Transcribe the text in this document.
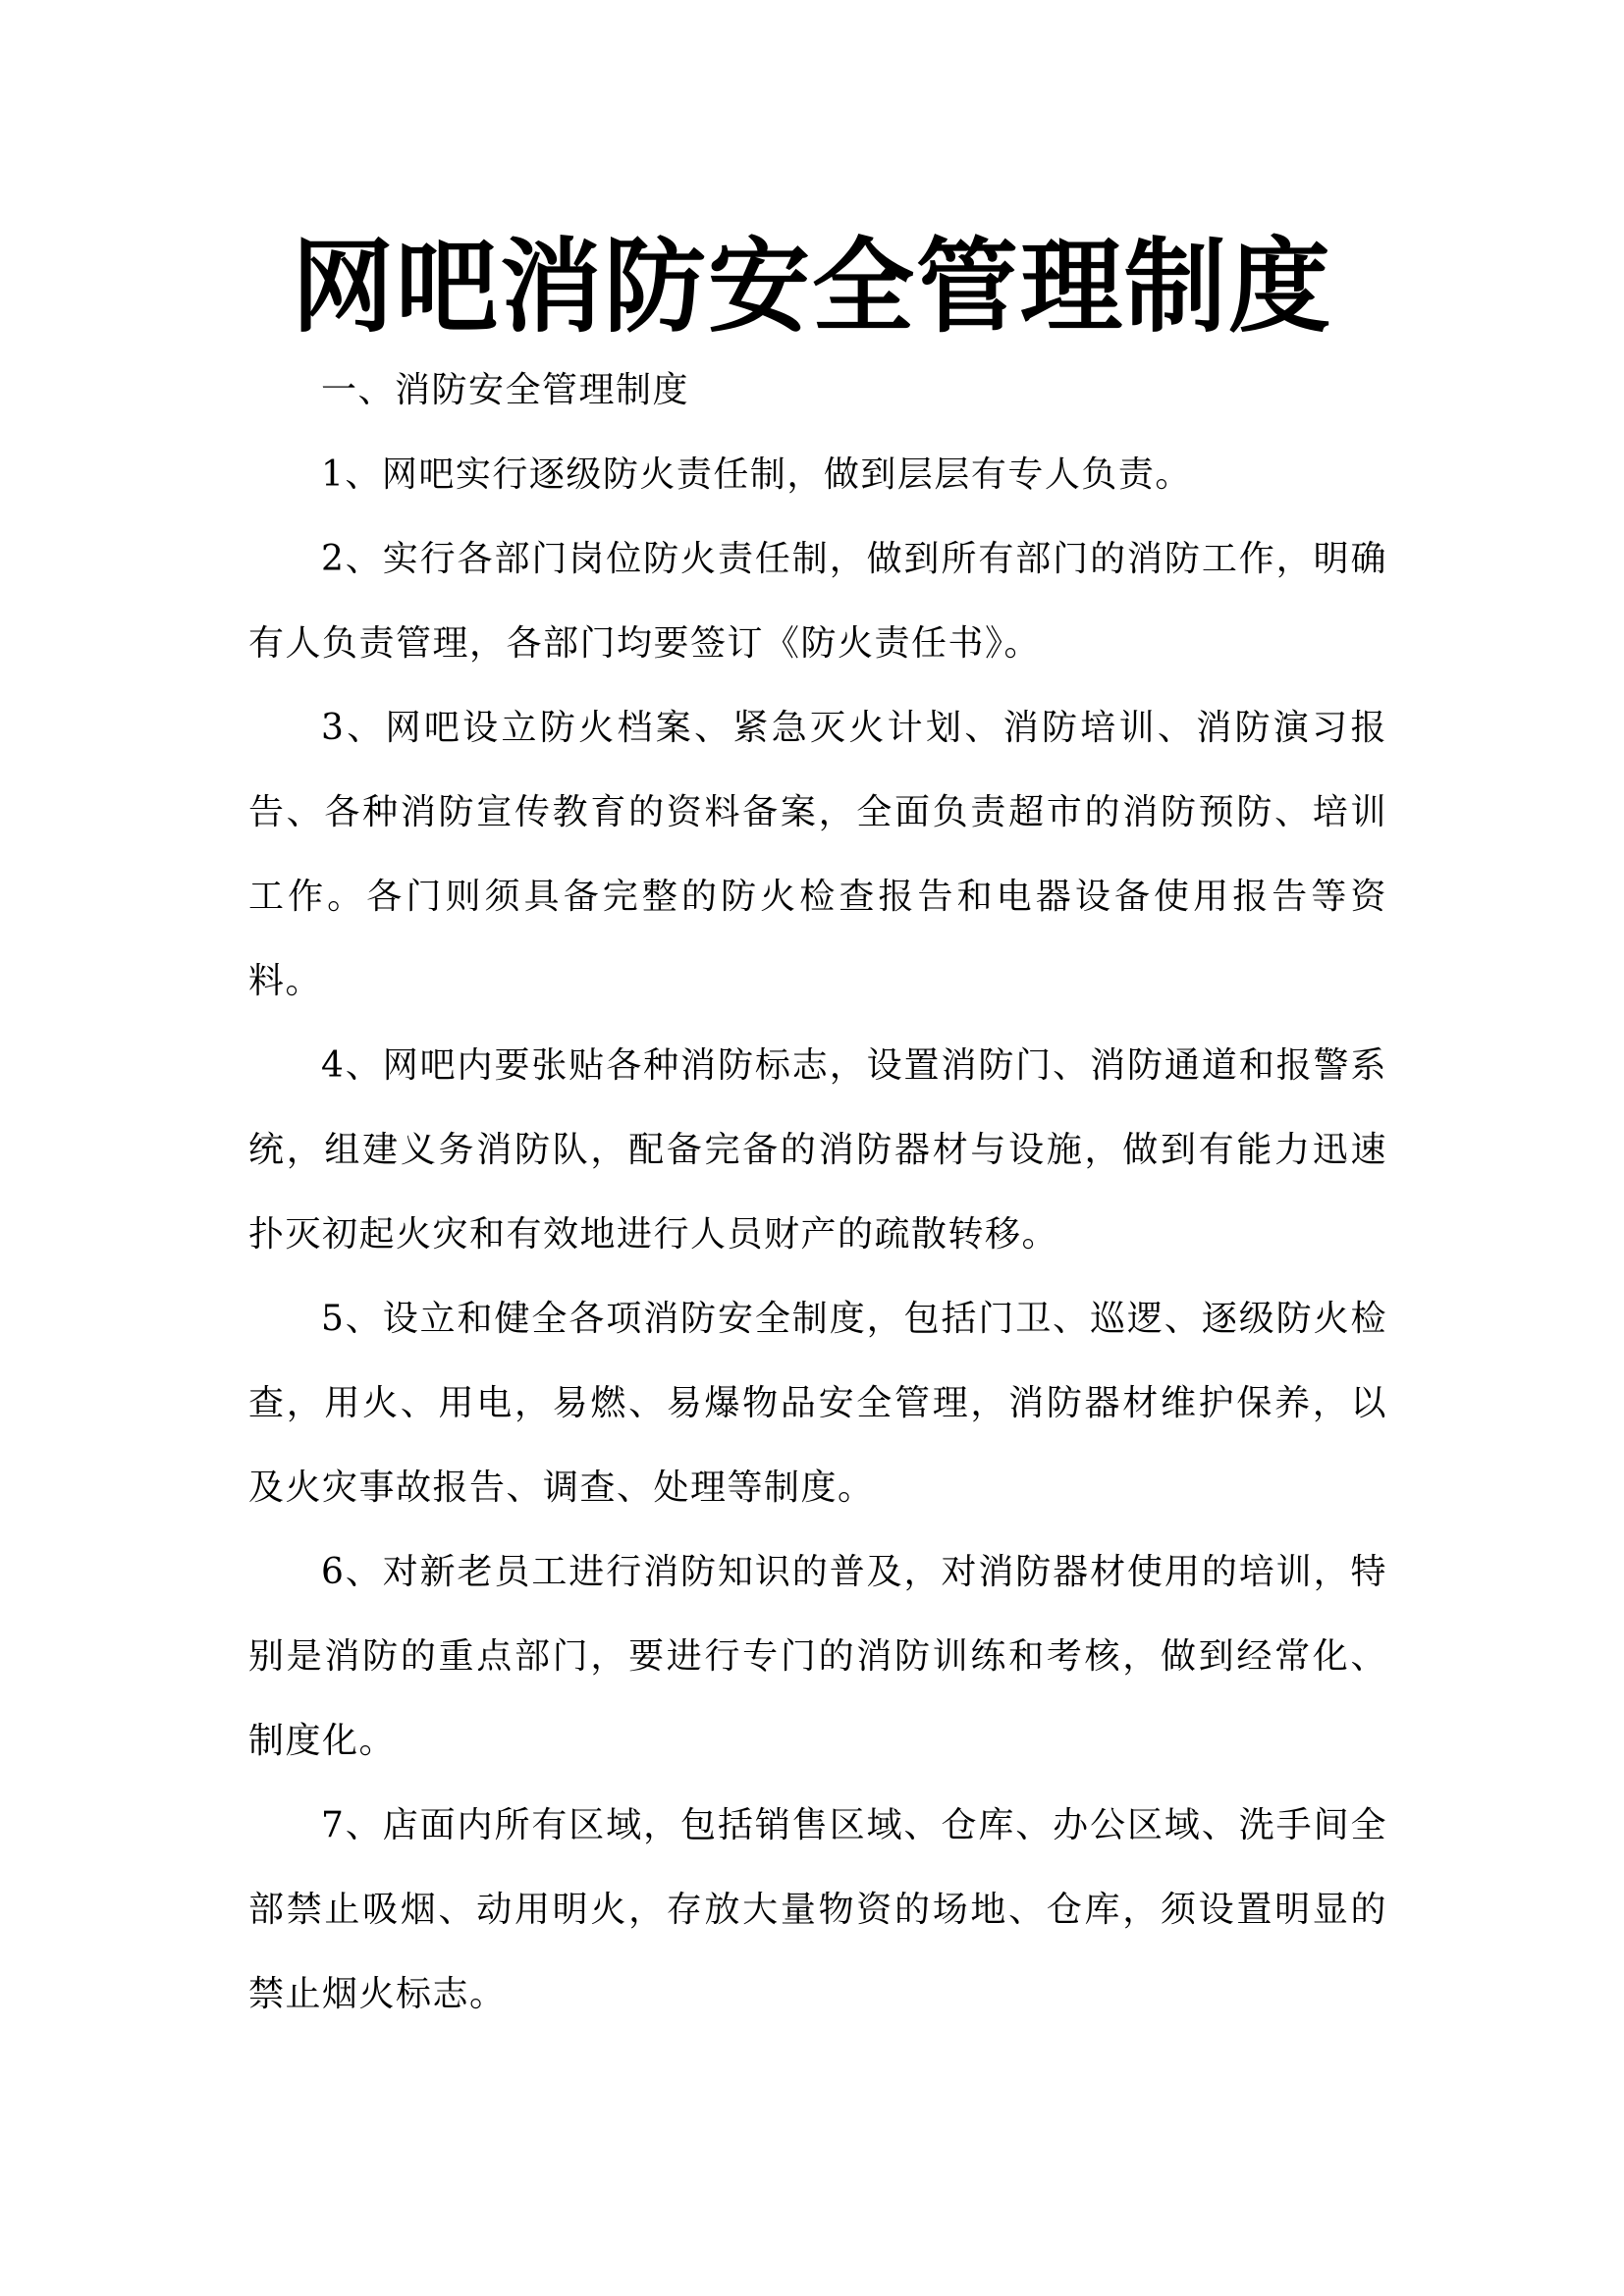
网吧消防安全管理制度
一、消防安全管理制度

1、网吧实行逐级防火责任制，做到层层有专人负责。

2、实行各部门岗位防火责任制，做到所有部门的消防工作，明确有人负责管理，各部门均要签订《防火责任书》。

3、网吧设立防火档案、紧急灭火计划、消防培训、消防演习报告、各种消防宣传教育的资料备案，全面负责超市的消防预防、培训工作。各门则须具备完整的防火检查报告和电器设备使用报告等资料。

4、网吧内要张贴各种消防标志，设置消防门、消防通道和报警系统，组建义务消防队，配备完备的消防器材与设施，做到有能力迅速扑灭初起火灾和有效地进行人员财产的疏散转移。

5、设立和健全各项消防安全制度，包括门卫、巡逻、逐级防火检查，用火、用电，易燃、易爆物品安全管理，消防器材维护保养，以及火灾事故报告、调查、处理等制度。

6、对新老员工进行消防知识的普及，对消防器材使用的培训，特别是消防的重点部门，要进行专门的消防训练和考核，做到经常化、制度化。

7、店面内所有区域，包括销售区域、仓库、办公区域、洗手间全部禁止吸烟、动用明火，存放大量物资的场地、仓库，须设置明显的禁止烟火标志。
